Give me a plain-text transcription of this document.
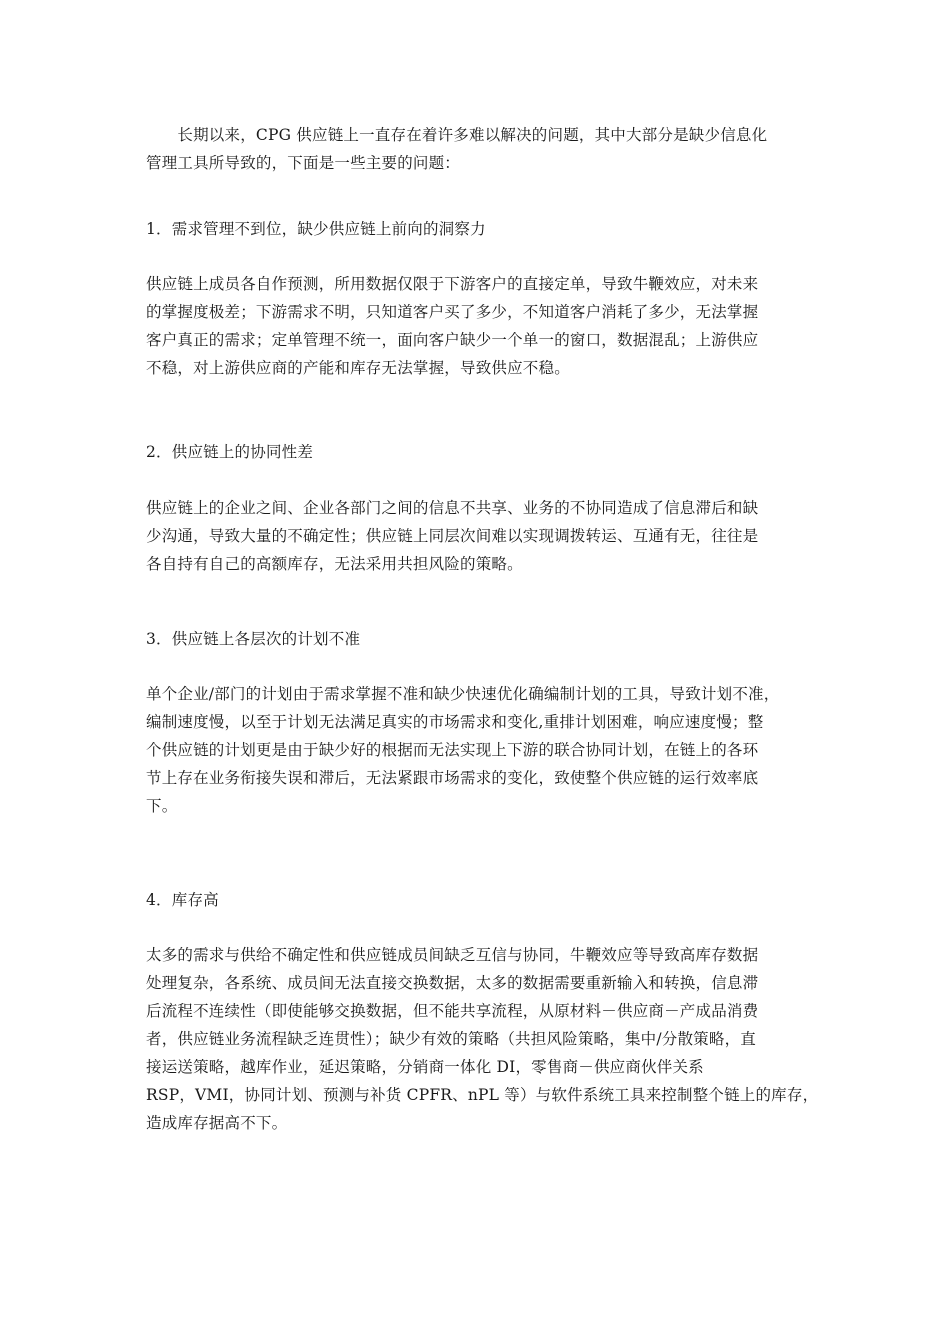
　　长期以来，CPG 供应链上一直存在着许多难以解决的问题，其中大部分是缺少信息化
管理工具所导致的，下面是一些主要的问题：
1．需求管理不到位，缺少供应链上前向的洞察力
供应链上成员各自作预测，所用数据仅限于下游客户的直接定单，导致牛鞭效应，对未来
的掌握度极差；下游需求不明，只知道客户买了多少，不知道客户消耗了多少，无法掌握
客户真正的需求；定单管理不统一，面向客户缺少一个单一的窗口，数据混乱；上游供应
不稳，对上游供应商的产能和库存无法掌握，导致供应不稳。
2．供应链上的协同性差
供应链上的企业之间、企业各部门之间的信息不共享、业务的不协同造成了信息滞后和缺
少沟通，导致大量的不确定性；供应链上同层次间难以实现调拨转运、互通有无，往往是
各自持有自己的高额库存，无法采用共担风险的策略。
3．供应链上各层次的计划不准
单个企业/部门的计划由于需求掌握不准和缺少快速优化确编制计划的工具，导致计划不准，
编制速度慢，以至于计划无法满足真实的市场需求和变化,重排计划困难，响应速度慢；整
个供应链的计划更是由于缺少好的根据而无法实现上下游的联合协同计划，在链上的各环
节上存在业务衔接失误和滞后，无法紧跟市场需求的变化，致使整个供应链的运行效率底
下。
4．库存高
太多的需求与供给不确定性和供应链成员间缺乏互信与协同，牛鞭效应等导致高库存数据
处理复杂，各系统、成员间无法直接交换数据，太多的数据需要重新输入和转换，信息滞
后流程不连续性（即使能够交换数据，但不能共享流程，从原材料－供应商－产成品消费
者，供应链业务流程缺乏连贯性）；缺少有效的策略（共担风险策略，集中/分散策略，直
接运送策略，越库作业，延迟策略，分销商一体化 DI，零售商－供应商伙伴关系
RSP，VMI，协同计划、预测与补货 CPFR、nPL 等）与软件系统工具来控制整个链上的库存，
造成库存据高不下。
